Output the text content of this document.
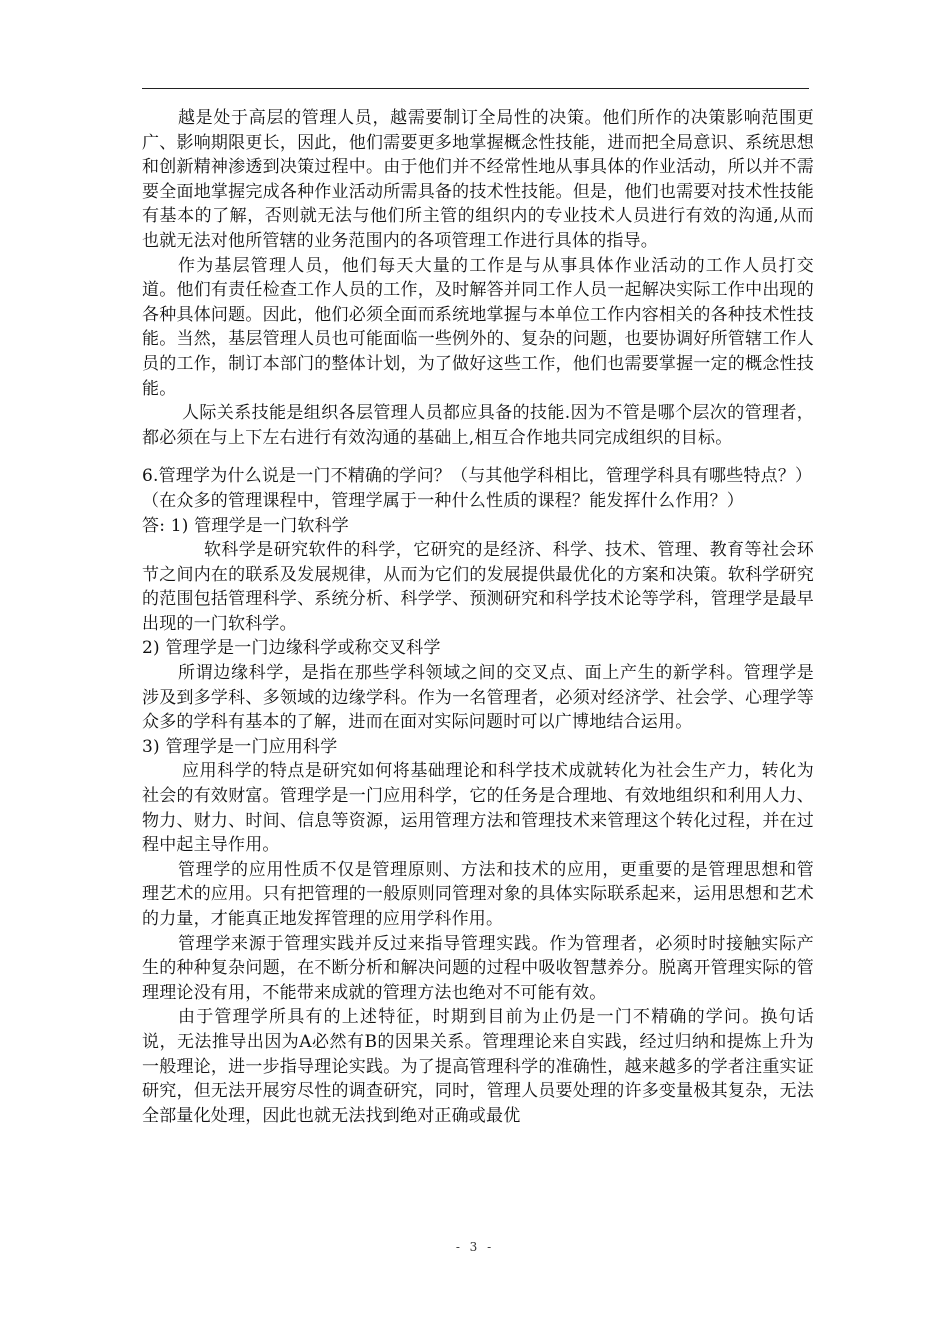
越是处于高层的管理人员，越需要制订全局性的决策。他们所作的决策影响范围更广、影响期限更长，因此，他们需要更多地掌握概念性技能，进而把全局意识、系统思想和创新精神渗透到决策过程中。由于他们并不经常性地从事具体的作业活动，所以并不需要全面地掌握完成各种作业活动所需具备的技术性技能。但是，他们也需要对技术性技能有基本的了解，否则就无法与他们所主管的组织内的专业技术人员进行有效的沟通,从而也就无法对他所管辖的业务范围内的各项管理工作进行具体的指导。

作为基层管理人员，他们每天大量的工作是与从事具体作业活动的工作人员打交道。他们有责任检查工作人员的工作，及时解答并同工作人员一起解决实际工作中出现的各种具体问题。因此，他们必须全面而系统地掌握与本单位工作内容相关的各种技术性技能。当然，基层管理人员也可能面临一些例外的、复杂的问题，也要协调好所管辖工作人员的工作，制订本部门的整体计划，为了做好这些工作，他们也需要掌握一定的概念性技能。

人际关系技能是组织各层管理人员都应具备的技能.因为不管是哪个层次的管理者，都必须在与上下左右进行有效沟通的基础上,相互合作地共同完成组织的目标。

6.管理学为什么说是一门不精确的学问？（与其他学科相比，管理学科具有哪些特点？）

（在众多的管理课程中，管理学属于一种什么性质的课程？能发挥什么作用？）

答: 1) 管理学是一门软科学

软科学是研究软件的科学，它研究的是经济、科学、技术、管理、教育等社会环节之间内在的联系及发展规律，从而为它们的发展提供最优化的方案和决策。软科学研究的范围包括管理科学、系统分析、科学学、预测研究和科学技术论等学科，管理学是最早出现的一门软科学。

2) 管理学是一门边缘科学或称交叉科学

所谓边缘科学，是指在那些学科领域之间的交叉点、面上产生的新学科。管理学是涉及到多学科、多领域的边缘学科。作为一名管理者，必须对经济学、社会学、心理学等众多的学科有基本的了解，进而在面对实际问题时可以广博地结合运用。

3) 管理学是一门应用科学

应用科学的特点是研究如何将基础理论和科学技术成就转化为社会生产力，转化为社会的有效财富。管理学是一门应用科学，它的任务是合理地、有效地组织和利用人力、物力、财力、时间、信息等资源，运用管理方法和管理技术来管理这个转化过程，并在过程中起主导作用。

管理学的应用性质不仅是管理原则、方法和技术的应用，更重要的是管理思想和管理艺术的应用。只有把管理的一般原则同管理对象的具体实际联系起来，运用思想和艺术的力量，才能真正地发挥管理的应用学科作用。

管理学来源于管理实践并反过来指导管理实践。作为管理者，必须时时接触实际产生的种种复杂问题，在不断分析和解决问题的过程中吸收智慧养分。脱离开管理实际的管理理论没有用，不能带来成就的管理方法也绝对不可能有效。

由于管理学所具有的上述特征，时期到目前为止仍是一门不精确的学问。换句话说，无法推导出因为A必然有B的因果关系。管理理论来自实践，经过归纳和提炼上升为一般理论，进一步指导理论实践。为了提高管理科学的准确性，越来越多的学者注重实证研究，但无法开展穷尽性的调查研究，同时，管理人员要处理的许多变量极其复杂，无法全部量化处理，因此也就无法找到绝对正确或最优

- 3 -
